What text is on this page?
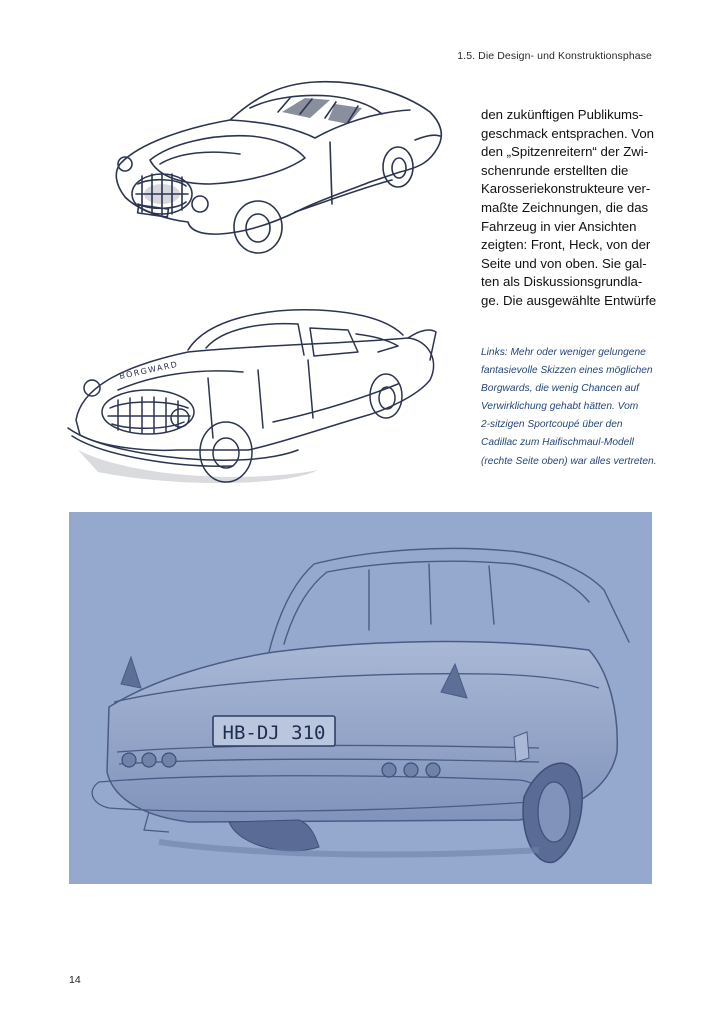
1.5. Die Design- und Konstruktionsphase
BORGWARD
den zukünftigen Publikums-
geschmack entsprachen. Von
den „Spitzenreitern“ der Zwi-
schenrunde erstellten die
Karosseriekonstrukteure ver-
maßte Zeichnungen, die das
Fahrzeug in vier Ansichten
zeigten: Front, Heck, von der
Seite und von oben. Sie gal-
ten als Diskussionsgrundla-
ge. Die ausgewählte Entwürfe
Links: Mehr oder weniger gelungene
fantasievolle Skizzen eines möglichen
Borgwards, die wenig Chancen auf
Verwirklichung gehabt hätten. Vom
2-sitzigen Sportcoupé über den
Cadillac zum Haifischmaul-Modell
(rechte Seite oben) war alles vertreten.
HB-DJ 310
14
